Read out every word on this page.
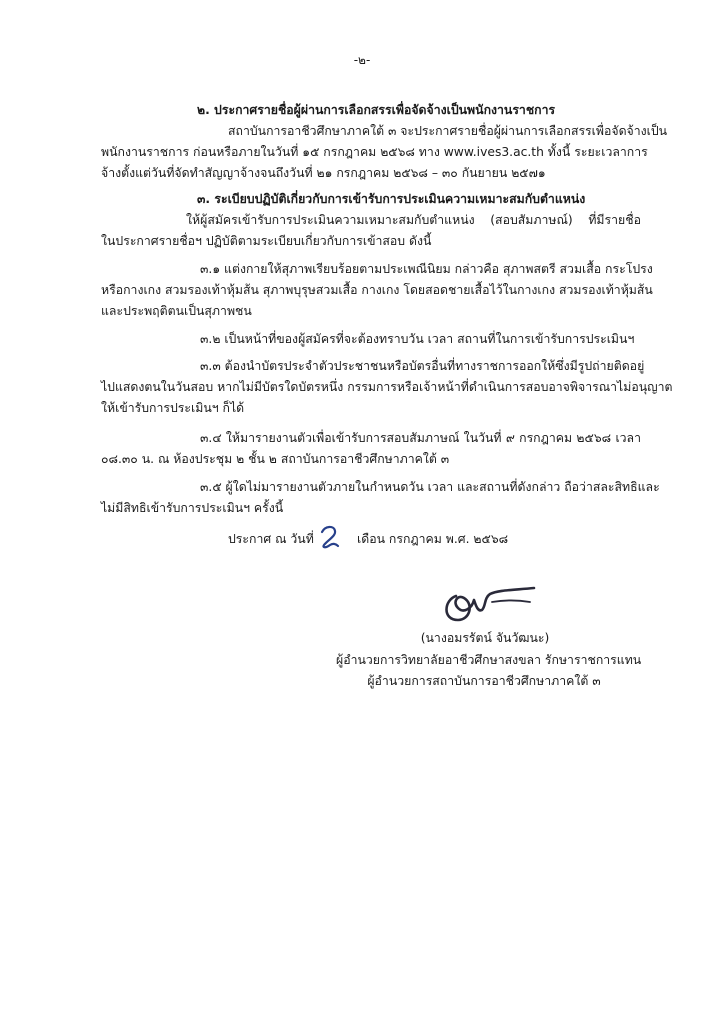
-๒-
๒. ประกาศรายชื่อผู้ผ่านการเลือกสรรเพื่อจัดจ้างเป็นพนักงานราชการ
สถาบันการอาชีวศึกษาภาคใต้ ๓ จะประกาศรายชื่อผู้ผ่านการเลือกสรรเพื่อจัดจ้างเป็น
พนักงานราชการ ก่อนหรือภายในวันที่ ๑๕ กรกฎาคม ๒๕๖๘ ทาง www.ives3.ac.th ทั้งนี้ ระยะเวลาการ
จ้างตั้งแต่วันที่จัดทำสัญญาจ้างจนถึงวันที่ ๒๑ กรกฎาคม ๒๕๖๘ – ๓๐ กันยายน ๒๕๗๑
๓. ระเบียบปฏิบัติเกี่ยวกับการเข้ารับการประเมินความเหมาะสมกับตำแหน่ง
ให้ผู้สมัครเข้ารับการประเมินความเหมาะสมกับตำแหน่ง (สอบสัมภาษณ์) ที่มีรายชื่อ
ในประกาศรายชื่อฯ ปฏิบัติตามระเบียบเกี่ยวกับการเข้าสอบ ดังนี้
๓.๑ แต่งกายให้สุภาพเรียบร้อยตามประเพณีนิยม กล่าวคือ สุภาพสตรี สวมเสื้อ กระโปรง
หรือกางเกง สวมรองเท้าหุ้มส้น สุภาพบุรุษสวมเสื้อ กางเกง โดยสอดชายเสื้อไว้ในกางเกง สวมรองเท้าหุ้มส้น
และประพฤติตนเป็นสุภาพชน
๓.๒ เป็นหน้าที่ของผู้สมัครที่จะต้องทราบวัน เวลา สถานที่ในการเข้ารับการประเมินฯ
๓.๓ ต้องนำบัตรประจำตัวประชาชนหรือบัตรอื่นที่ทางราชการออกให้ซึ่งมีรูปถ่ายติดอยู่
ไปแสดงตนในวันสอบ หากไม่มีบัตรใดบัตรหนึ่ง กรรมการหรือเจ้าหน้าที่ดำเนินการสอบอาจพิจารณาไม่อนุญาต
ให้เข้ารับการประเมินฯ ก็ได้
๓.๔ ให้มารายงานตัวเพื่อเข้ารับการสอบสัมภาษณ์ ในวันที่ ๙ กรกฎาคม ๒๕๖๘ เวลา
๐๘.๓๐ น. ณ ห้องประชุม ๒ ชั้น ๒ สถาบันการอาชีวศึกษาภาคใต้ ๓
๓.๕ ผู้ใดไม่มารายงานตัวภายในกำหนดวัน เวลา และสถานที่ดังกล่าว ถือว่าสละสิทธิและ
ไม่มีสิทธิเข้ารับการประเมินฯ ครั้งนี้
ประกาศ ณ วันที่	เดือน กรกฎาคม พ.ศ. ๒๕๖๘
(นางอมรรัตน์ จันวัฒนะ)
ผู้อำนวยการวิทยาลัยอาชีวศึกษาสงขลา รักษาราชการแทน
ผู้อำนวยการสถาบันการอาชีวศึกษาภาคใต้ ๓
